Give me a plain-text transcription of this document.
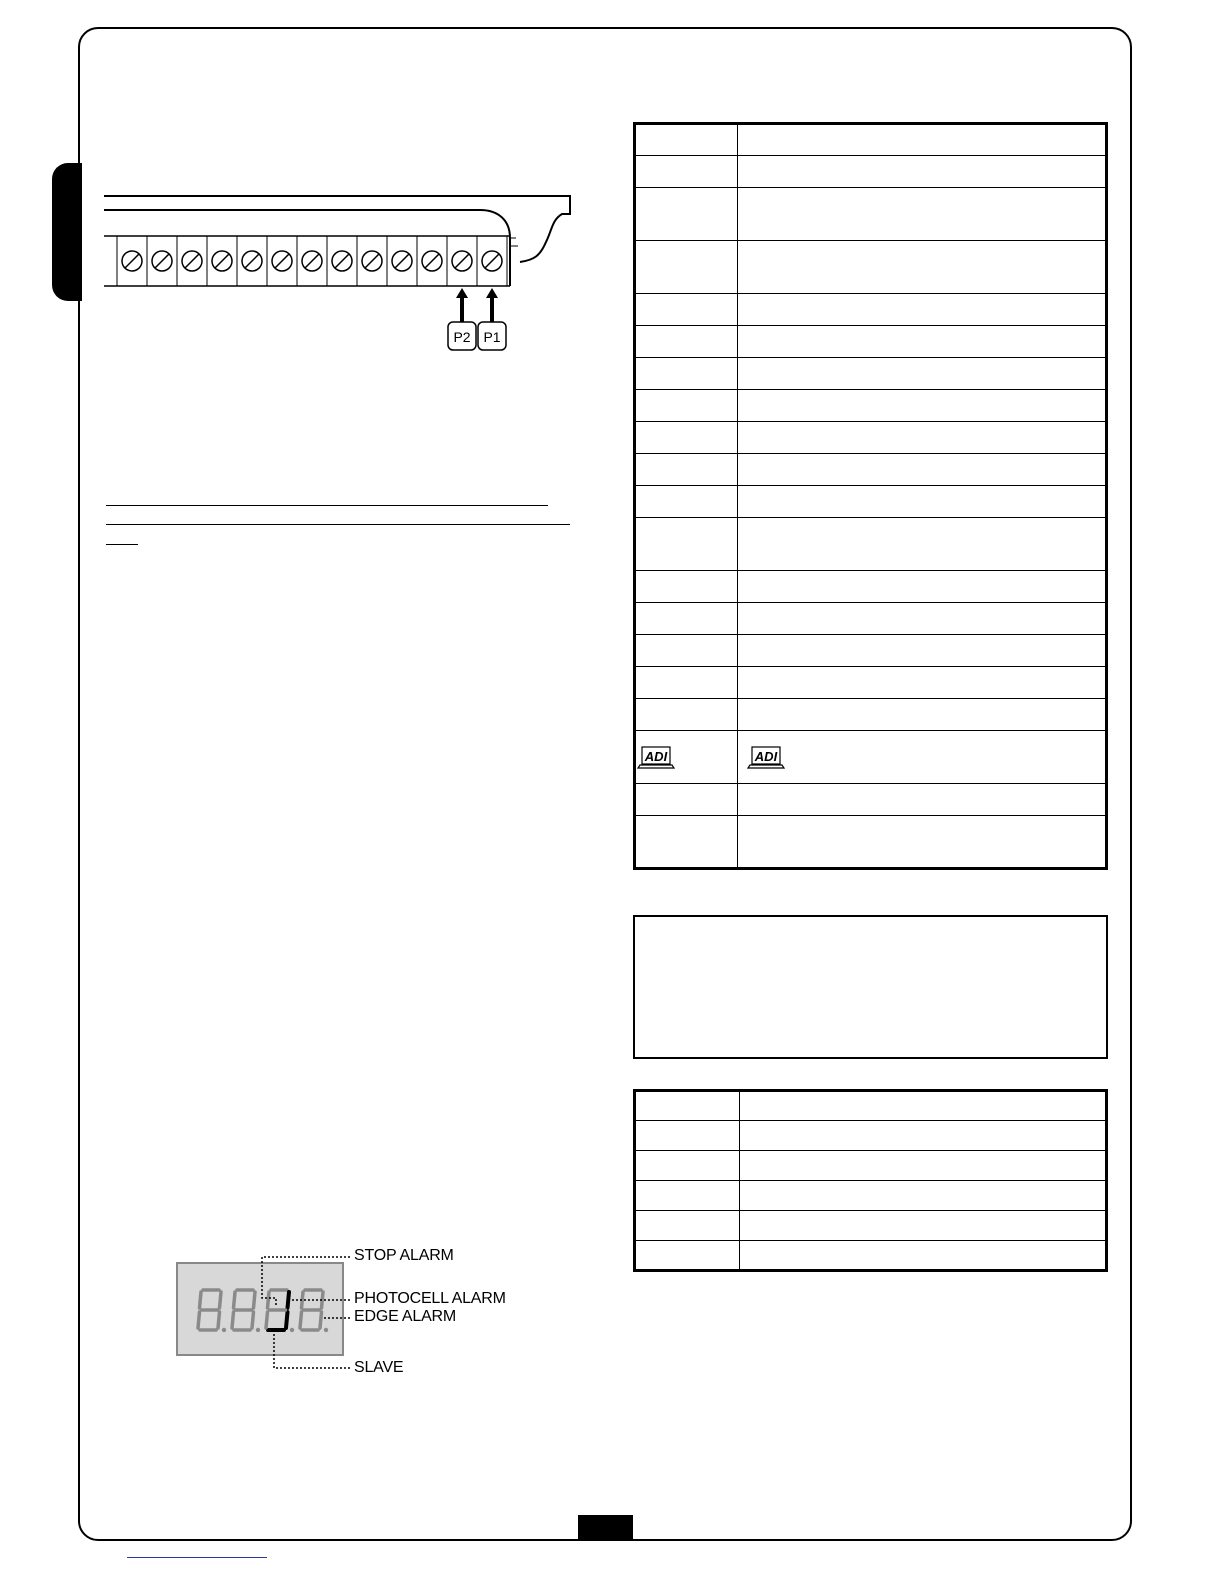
P2 P1

ADI	ADI

STOP ALARM
PHOTOCELL ALARM
EDGE ALARM
SLAVE
